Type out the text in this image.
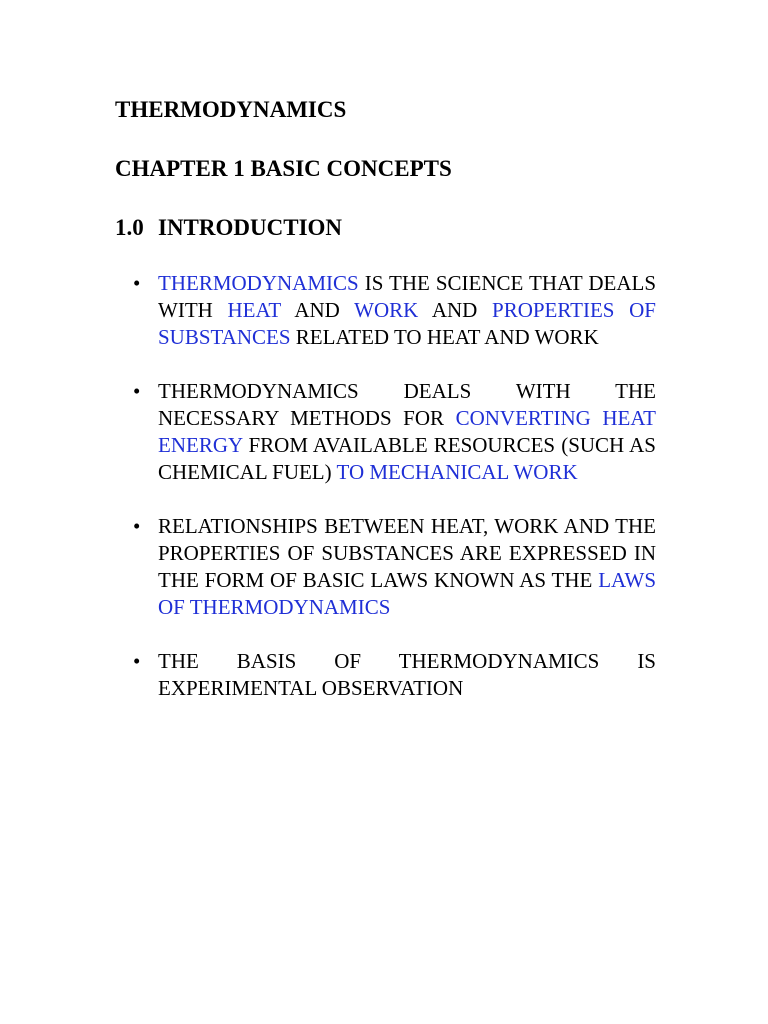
THERMODYNAMICS
CHAPTER 1 BASIC CONCEPTS
1.0 INTRODUCTION
• THERMODYNAMICS IS THE SCIENCE THAT DEALS WITH HEAT AND WORK AND PROPERTIES OF SUBSTANCES RELATED TO HEAT AND WORK
• THERMODYNAMICS DEALS WITH THE NECESSARY METHODS FOR CONVERTING HEAT ENERGY FROM AVAILABLE RESOURCES (SUCH AS CHEMICAL FUEL) TO MECHANICAL WORK
• RELATIONSHIPS BETWEEN HEAT, WORK AND THE PROPERTIES OF SUBSTANCES ARE EXPRESSED IN THE FORM OF BASIC LAWS KNOWN AS THE LAWS OF THERMODYNAMICS
• THE BASIS OF THERMODYNAMICS IS EXPERIMENTAL OBSERVATION
